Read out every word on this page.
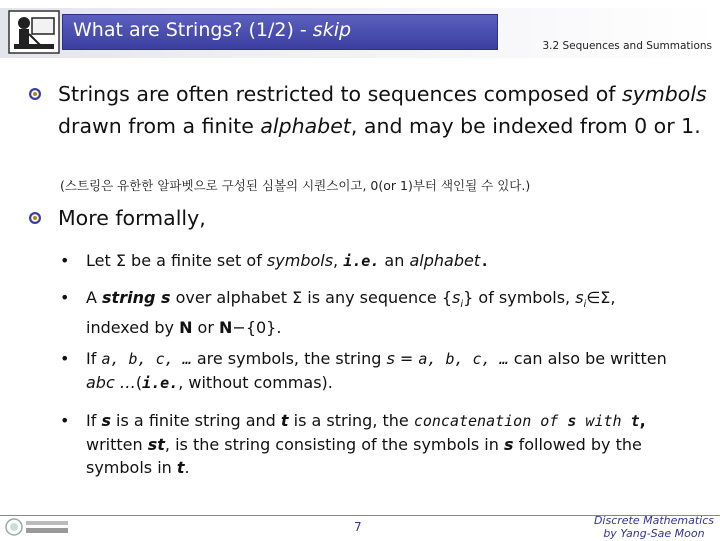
What are Strings? (1/2) - skip
3.2 Sequences and Summations
Strings are often restricted to sequences composed of symbols drawn from a finite alphabet, and may be indexed from 0 or 1.
(스트링은 유한한 알파벳으로 구성된 심볼의 시퀀스이고, 0(or 1)부터 색인될 수 있다.)
More formally,
• Let Σ be a finite set of symbols, i.e. an alphabet.
• A string s over alphabet Σ is any sequence $\{s_i\}$ of symbols, $s_i\in\Sigma$,
indexed by N or N−{0}.
• If a, b, c, … are symbols, the string s = a, b, c, … can also be written abc …(i.e., without commas).
• If s is a finite string and t is a string, the concatenation of s with t,
written st, is the string consisting of the symbols in s followed by the symbols in t.
7	Discrete Mathematics
by Yang-Sae Moon
